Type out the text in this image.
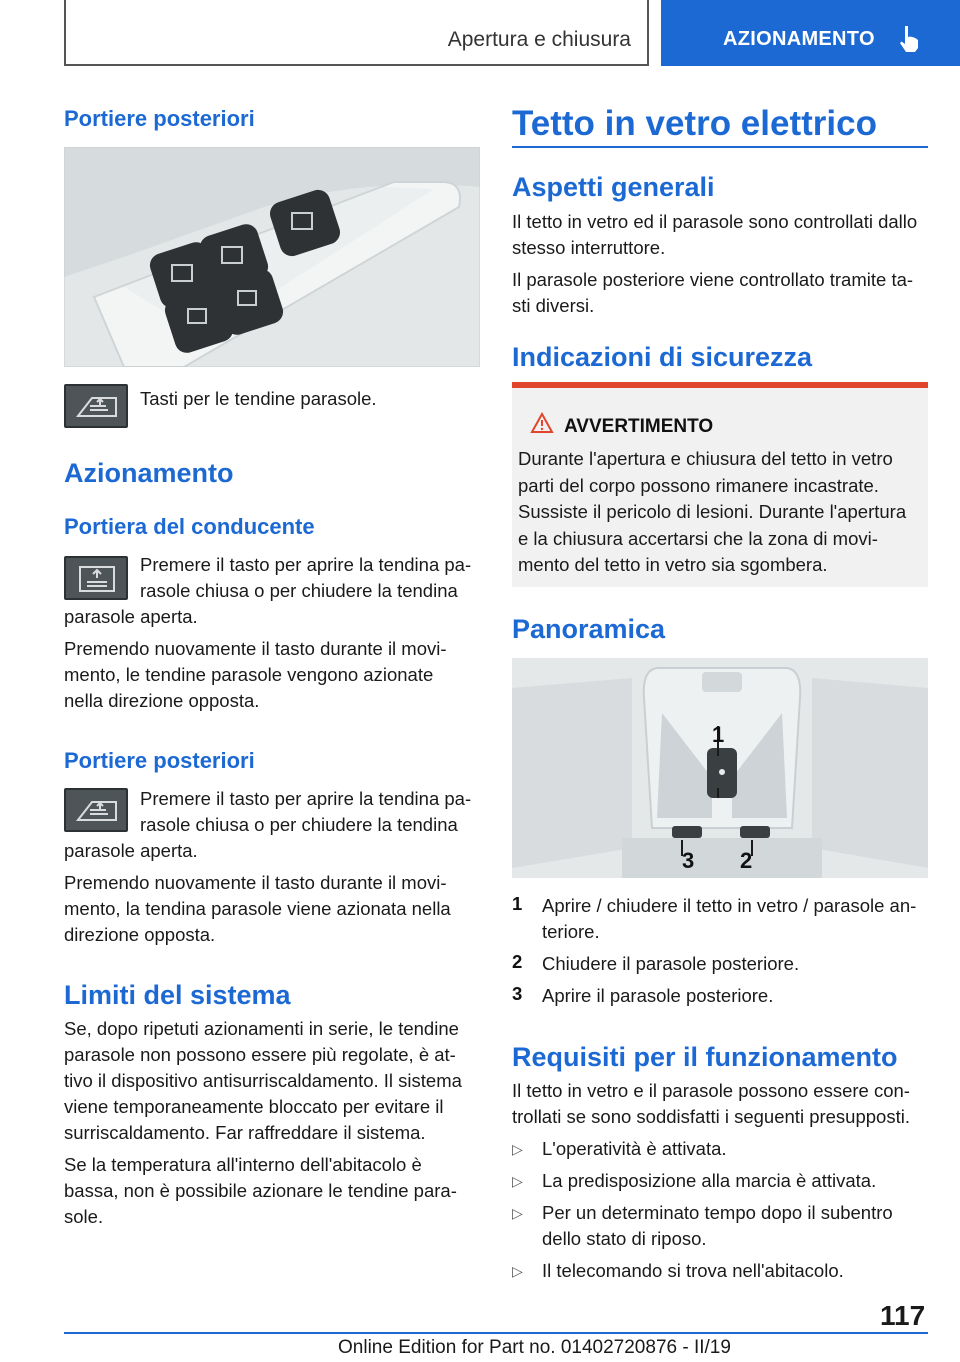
Apertura e chiusura	AZIONAMENTO
Portiere posteriori
Tasti per le tendine parasole.
Azionamento
Portiera del conducente
Premere il tasto per aprire la tendina pa-
rasole chiusa o per chiudere la tendina
parasole aperta.
Premendo nuovamente il tasto durante il movi-
mento, le tendine parasole vengono azionate
nella direzione opposta.
Portiere posteriori
Premere il tasto per aprire la tendina pa-
rasole chiusa o per chiudere la tendina
parasole aperta.
Premendo nuovamente il tasto durante il movi-
mento, la tendina parasole viene azionata nella
direzione opposta.
Limiti del sistema
Se, dopo ripetuti azionamenti in serie, le tendine
parasole non possono essere più regolate, è at-
tivo il dispositivo antisurriscaldamento. Il sistema
viene temporaneamente bloccato per evitare il
surriscaldamento. Far raffreddare il sistema.
Se la temperatura all'interno dell'abitacolo è
bassa, non è possibile azionare le tendine para-
sole.
Tetto in vetro elettrico
Aspetti generali
Il tetto in vetro ed il parasole sono controllati dallo
stesso interruttore.
Il parasole posteriore viene controllato tramite ta-
sti diversi.
Indicazioni di sicurezza
AVVERTIMENTO
Durante l'apertura e chiusura del tetto in vetro
parti del corpo possono rimanere incastrate.
Sussiste il pericolo di lesioni. Durante l'apertura
e la chiusura accertarsi che la zona di movi-
mento del tetto in vetro sia sgombera.
Panoramica
1
3 2
1 Aprire / chiudere il tetto in vetro / parasole an-
teriore.
2 Chiudere il parasole posteriore.
3 Aprire il parasole posteriore.
Requisiti per il funzionamento
Il tetto in vetro e il parasole possono essere con-
trollati se sono soddisfatti i seguenti presupposti.
▷ L'operatività è attivata.
▷ La predisposizione alla marcia è attivata.
▷ Per un determinato tempo dopo il subentro
dello stato di riposo.
▷ Il telecomando si trova nell'abitacolo.
117
Online Edition for Part no. 01402720876 - II/19
